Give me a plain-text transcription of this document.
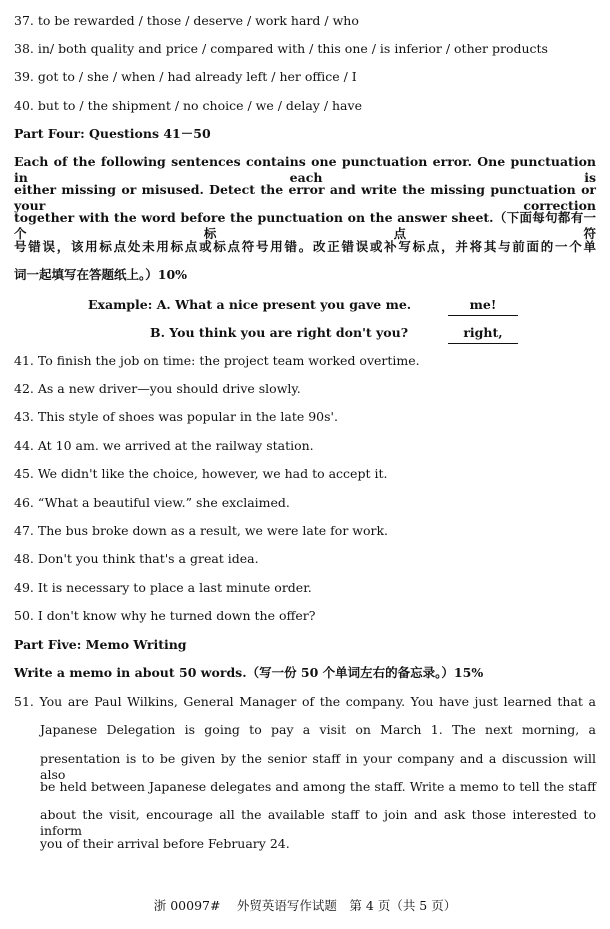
37. to be rewarded / those / deserve / work hard / who
38. in/ both quality and price / compared with / this one / is inferior / other products
39. got to / she / when / had already left / her office / I
40. but to / the shipment / no choice / we / delay / have
Part Four: Questions 41－50
Each of the following sentences contains one punctuation error. One punctuation in each is
either missing or misused. Detect the error and write the missing punctuation or your correction
together with the word before the punctuation on the answer sheet.（下面每句都有一个标点符
号错误，该用标点处未用标点或标点符号用错。改正错误或补写标点，并将其与前面的一个单
词一起填写在答题纸上。）10%
Example: A. What a nice present you gave me.	me!
B. You think you are right don't you?	right,
41. To finish the job on time: the project team worked overtime.
42. As a new driver—you should drive slowly.
43. This style of shoes was popular in the late 90s'.
44. At 10 am. we arrived at the railway station.
45. We didn't like the choice, however, we had to accept it.
46. “What a beautiful view.” she exclaimed.
47. The bus broke down as a result, we were late for work.
48. Don't you think that's a great idea.
49. It is necessary to place a last minute order.
50. I don't know why he turned down the offer?
Part Five: Memo Writing
Write a memo in about 50 words.（写一份 50 个单词左右的备忘录。）15%
51. You are Paul Wilkins, General Manager of the company. You have just learned that a
Japanese Delegation is going to pay a visit on March 1. The next morning, a
presentation is to be given by the senior staff in your company and a discussion will also
be held between Japanese delegates and among the staff. Write a memo to tell the staff
about the visit, encourage all the available staff to join and ask those interested to inform
you of their arrival before February 24.
浙 00097#　 外贸英语写作试题　第 4 页（共 5 页）
